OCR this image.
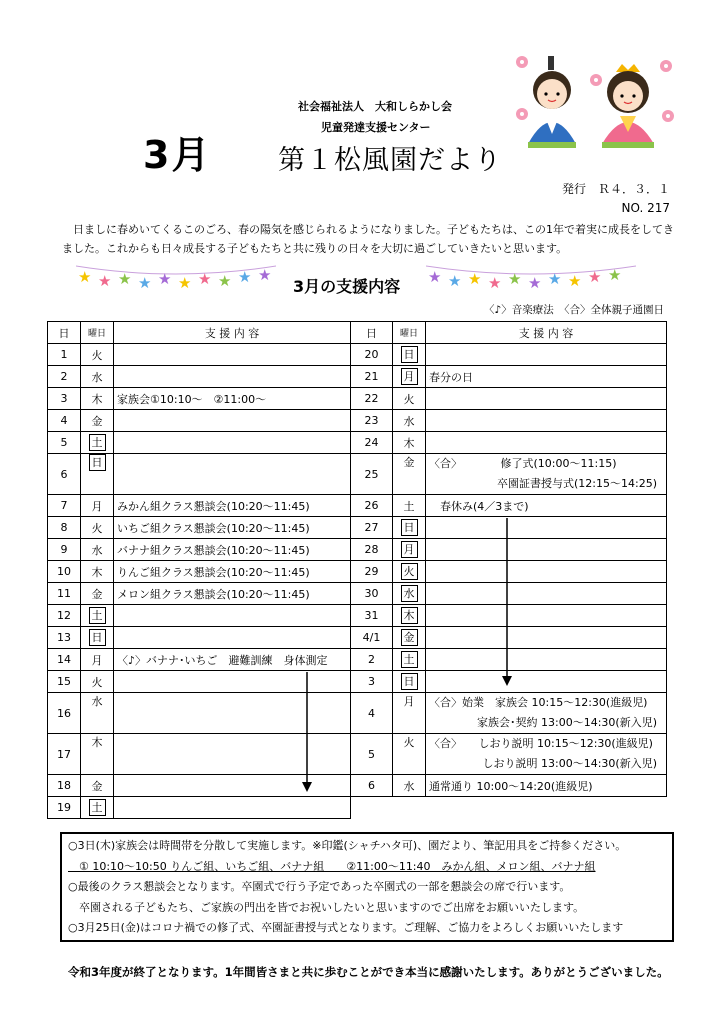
社会福祉法人　大和しらかし会
児童発達支援センター
3月 第１松風園だより
発行　Ｒ４．３．１
NO. 217
　日ましに春めいてくるこのごろ、春の陽気を感じられるようになりました。子どもたちは、この1年で着実に成長をしてきました。これからも日々成長する子どもたちと共に残りの日々を大切に過ごしていきたいと思います。
★ ★ ★ ★ ★ ★ ★ ★ ★ ★
3月の支援内容 ★ ★ ★ ★ ★ ★ ★ ★ ★ ★
〈♪〉音楽療法　〈合〉全体親子通園日
日	曜日	支 援 内 容
1	火	
2	水	
3	木	家族会①10:10～　②11:00～
4	金	
5	土	
6	日	
7	月	みかん組クラス懇談会(10:20～11:45)
8	火	いちご組クラス懇談会(10:20～11:45)
9	水	バナナ組クラス懇談会(10:20～11:45)
10	木	りんご組クラス懇談会(10:20～11:45)
11	金	メロン組クラス懇談会(10:20～11:45)
12	土	
13	日	
14	月	〈♪〉バナナ･いちご　避難訓練　身体測定
15	火	
16	水	
17	木	
18	金	
19	土	
日	曜日	支 援 内 容
20	日	
21	月	春分の日
22	火	
23	水	
24	木	
25	金	〈合〉　　　　修了式(10:00～11:15)
卒園証書授与式(12:15～14:25)

26	土	　春休み(4／3まで)
27	日	
28	月	
29	火	
30	水	
31	木	
4/1	金	
2	土	
3	日	
4	月	〈合〉始業　家族会 10:15～12:30(進級児)
家族会･契約 13:00～14:30(新入児)

5	火	〈合〉　　しおり説明 10:15～12:30(進級児)
しおり説明 13:00～14:30(新入児)

6	水	通常通り 10:00～14:20(進級児)
○3日(木)家族会は時間帯を分散して実施します。※印鑑(シャチハタ可)、園だより、筆記用具をご持参ください。
　① 10:10～10:50 りんご組、いちご組、バナナ組　　②11:00～11:40　みかん組、メロン組、バナナ組
○最後のクラス懇談会となります。卒園式で行う予定であった卒園式の一部を懇談会の席で行います。
　卒園される子どもたち、ご家族の門出を皆でお祝いしたいと思いますのでご出席をお願いいたします。
○3月25日(金)はコロナ禍での修了式、卒園証書授与式となります。ご理解、ご協力をよろしくお願いいたします
令和3年度が終了となります。1年間皆さまと共に歩むことができ本当に感謝いたします。ありがとうございました。
